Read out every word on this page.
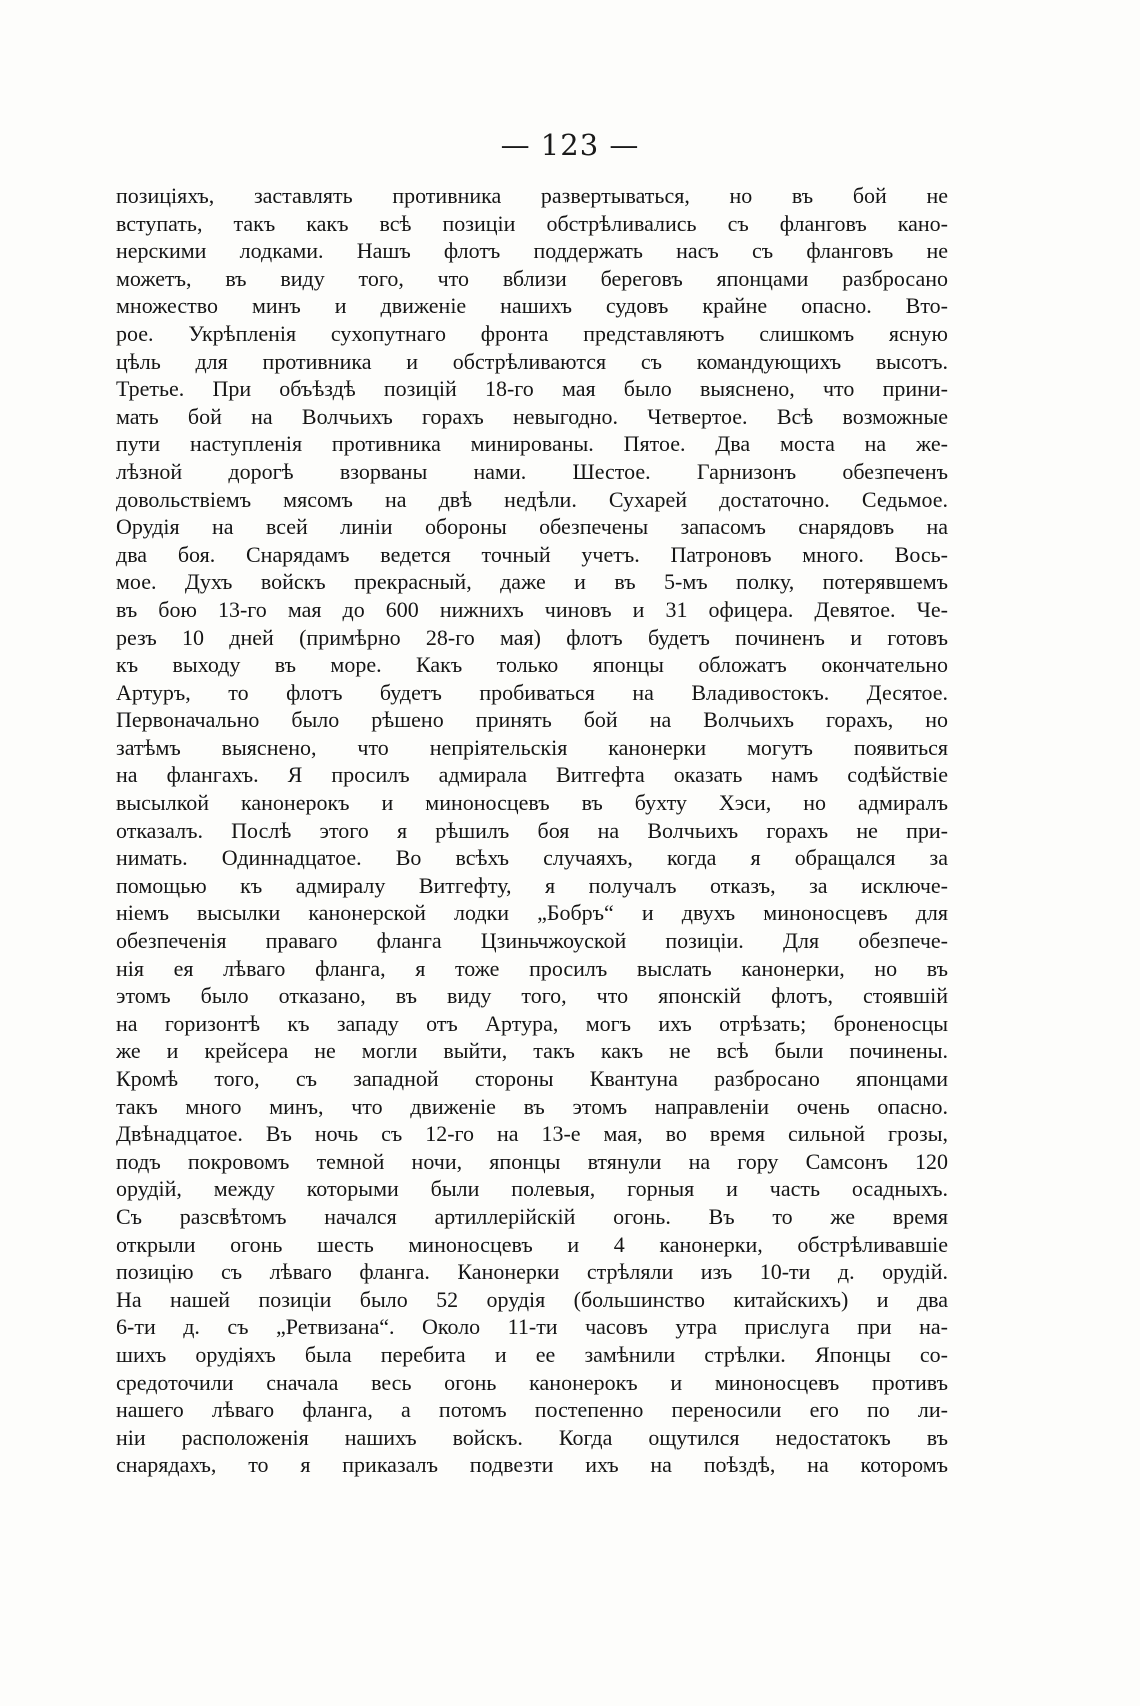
— 123 —
позиціяхъ, заставлять противника развертываться, но въ бой не
вступать, такъ какъ всѣ позиціи обстрѣливались съ фланговъ кано-
нерскими лодками. Нашъ флотъ поддержать насъ съ фланговъ не
можетъ, въ виду того, что вблизи береговъ японцами разбросано
множество минъ и движеніе нашихъ судовъ крайне опасно. Вто-
рое. Укрѣпленія сухопутнаго фронта представляютъ слишкомъ ясную
цѣль для противника и обстрѣливаются съ командующихъ высотъ.
Третье. При объѣздѣ позицій 18-го мая было выяснено, что прини-
мать бой на Волчьихъ горахъ невыгодно. Четвертое. Всѣ возможные
пути наступленія противника минированы. Пятое. Два моста на же-
лѣзной дорогѣ взорваны нами. Шестое. Гарнизонъ обезпеченъ
довольствіемъ мясомъ на двѣ недѣли. Сухарей достаточно. Седьмое.
Орудія на всей линіи обороны обезпечены запасомъ снарядовъ на
два боя. Снарядамъ ведется точный учетъ. Патроновъ много. Вось-
мое. Духъ войскъ прекрасный, даже и въ 5-мъ полку, потерявшемъ
въ бою 13-го мая до 600 нижнихъ чиновъ и 31 офицера. Девятое. Че-
резъ 10 дней (примѣрно 28-го мая) флотъ будетъ починенъ и готовъ
къ выходу въ море. Какъ только японцы обложатъ окончательно
Артуръ, то флотъ будетъ пробиваться на Владивостокъ. Десятое.
Первоначально было рѣшено принять бой на Волчьихъ горахъ, но
затѣмъ выяснено, что непріятельскія канонерки могутъ появиться
на флангахъ. Я просилъ адмирала Витгефта оказать намъ содѣйствіе
высылкой канонерокъ и миноносцевъ въ бухту Хэси, но адмиралъ
отказалъ. Послѣ этого я рѣшилъ боя на Волчьихъ горахъ не при-
нимать. Одиннадцатое. Во всѣхъ случаяхъ, когда я обращался за
помощью къ адмиралу Витгефту, я получалъ отказъ, за исключе-
ніемъ высылки канонерской лодки „Бобръ“ и двухъ миноносцевъ для
обезпеченія праваго фланга Цзиньчжоуской позиціи. Для обезпече-
нія ея лѣваго фланга, я тоже просилъ выслать канонерки, но въ
этомъ было отказано, въ виду того, что японскій флотъ, стоявшій
на горизонтѣ къ западу отъ Артура, могъ ихъ отрѣзать; броненосцы
же и крейсера не могли выйти, такъ какъ не всѣ были починены.
Кромѣ того, съ западной стороны Квантуна разбросано японцами
такъ много минъ, что движеніе въ этомъ направленіи очень опасно.
Двѣнадцатое. Въ ночь съ 12-го на 13-е мая, во время сильной грозы,
подъ покровомъ темной ночи, японцы втянули на гору Самсонъ 120
орудій, между которыми были полевыя, горныя и часть осадныхъ.
Съ разсвѣтомъ начался артиллерійскій огонь. Въ то же время
открыли огонь шесть миноносцевъ и 4 канонерки, обстрѣливавшіе
позицію съ лѣваго фланга. Канонерки стрѣляли изъ 10-ти д. орудій.
На нашей позиціи было 52 орудія (большинство китайскихъ) и два
6-ти д. съ „Ретвизана“. Около 11-ти часовъ утра прислуга при на-
шихъ орудіяхъ была перебита и ее замѣнили стрѣлки. Японцы со-
средоточили сначала весь огонь канонерокъ и миноносцевъ противъ
нашего лѣваго фланга, а потомъ постепенно переносили его по ли-
ніи расположенія нашихъ войскъ. Когда ощутился недостатокъ въ
снарядахъ, то я приказалъ подвезти ихъ на поѣздѣ, на которомъ
